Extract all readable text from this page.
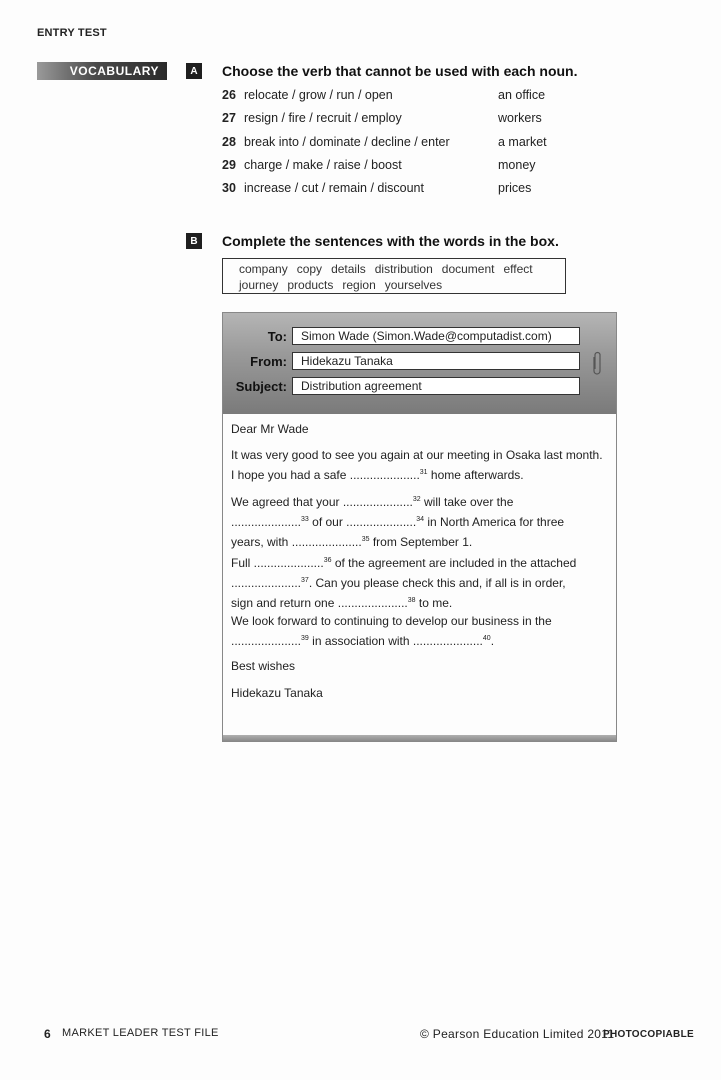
ENTRY TEST
VOCABULARY	A	Choose the verb that cannot be used with each noun.
26 relocate / grow / run / open	an office
27 resign / fire / recruit / employ	workers
28 break into / dominate / decline / enter	a market
29 charge / make / raise / boost	money
30 increase / cut / remain / discount	prices
B	Complete the sentences with the words in the box.
company copy details distribution document effect
journey products region yourselves
To:	Simon Wade (Simon.Wade@computadist.com)
From:	Hidekazu Tanaka
Subject:	Distribution agreement
Dear Mr Wade

It was very good to see you again at our meeting in Osaka last month.

I hope you had a safe .....................$^{31}$ home afterwards.

We agreed that your .....................$^{32}$ will take over the

.....................$^{33}$ of our .....................$^{34}$ in North America for three

years, with .....................$^{35}$ from September 1.

Full .....................$^{36}$ of the agreement are included in the attached

.....................$^{37}$. Can you please check this and, if all is in order,

sign and return one .....................$^{38}$ to me.

We look forward to continuing to develop our business in the

.....................$^{39}$ in association with .....................$^{40}$.

Best wishes
Hidekazu Tanaka
6 MARKET LEADER TEST FILE	© Pearson Education Limited 2011
PHOTOCOPIABLE
